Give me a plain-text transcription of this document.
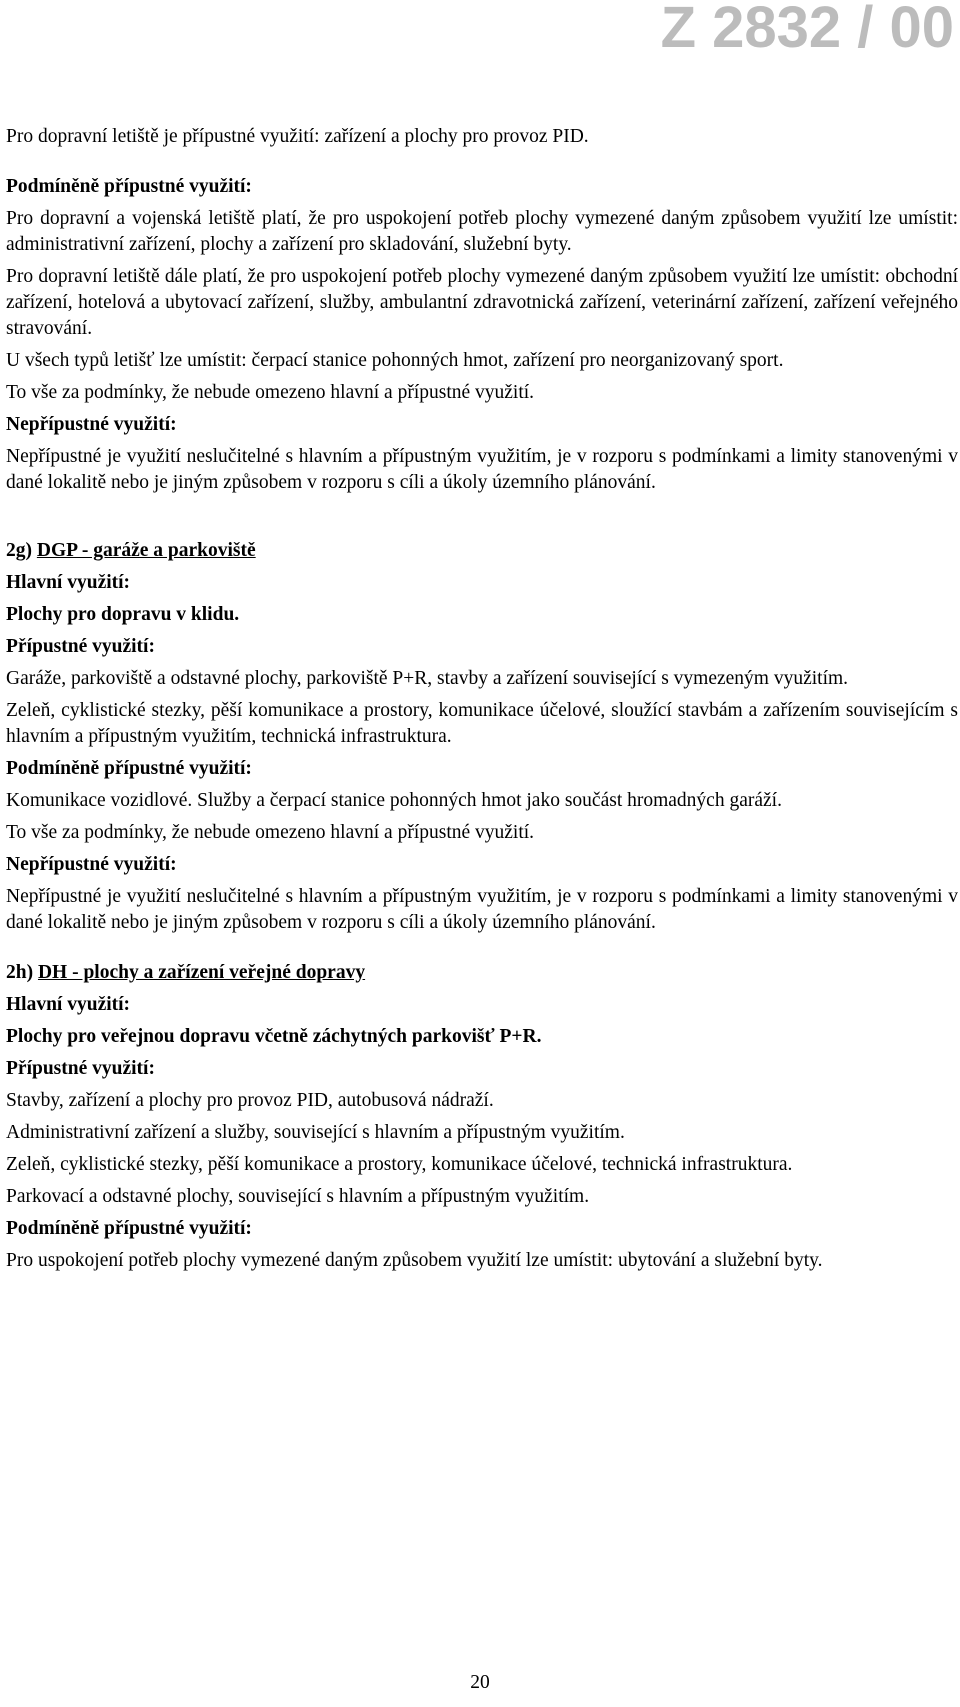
Z 2832 / 00

Pro dopravní letiště je přípustné využití: zařízení a plochy pro provoz PID.

Podmíněně přípustné využití:

Pro dopravní a vojenská letiště platí, že pro uspokojení potřeb plochy vymezené daným způsobem využití lze umístit: administrativní zařízení, plochy a zařízení pro skladování, služební byty.

Pro dopravní letiště dále platí, že pro uspokojení potřeb plochy vymezené daným způsobem využití lze umístit: obchodní zařízení, hotelová a ubytovací zařízení, služby, ambulantní zdravotnická zařízení, veterinární zařízení, zařízení veřejného stravování.

U všech typů letišť lze umístit: čerpací stanice pohonných hmot, zařízení pro neorganizovaný sport.

To vše za podmínky, že nebude omezeno hlavní a přípustné využití.

Nepřípustné využití:

Nepřípustné je využití neslučitelné s hlavním a přípustným využitím, je v rozporu s podmínkami a limity stanovenými v dané lokalitě nebo je jiným způsobem v rozporu s cíli a úkoly územního plánování.

2g) DGP - garáže a parkoviště
Hlavní využití:

Plochy pro dopravu v klidu.

Přípustné využití:

Garáže, parkoviště a odstavné plochy, parkoviště P+R, stavby a zařízení související s vymezeným využitím.

Zeleň, cyklistické stezky, pěší komunikace a prostory, komunikace účelové, sloužící stavbám a zařízením souvisejícím s hlavním a přípustným využitím, technická infrastruktura.

Podmíněně přípustné využití:

Komunikace vozidlové. Služby a čerpací stanice pohonných hmot jako součást hromadných garáží.

To vše za podmínky, že nebude omezeno hlavní a přípustné využití.

Nepřípustné využití:

Nepřípustné je využití neslučitelné s hlavním a přípustným využitím, je v rozporu s podmínkami a limity stanovenými v dané lokalitě nebo je jiným způsobem v rozporu s cíli a úkoly územního plánování.

2h) DH - plochy a zařízení veřejné dopravy
Hlavní využití:

Plochy pro veřejnou dopravu včetně záchytných parkovišť P+R.

Přípustné využití:

Stavby, zařízení a plochy pro provoz PID, autobusová nádraží.

Administrativní zařízení a služby, související s hlavním a přípustným využitím.

Zeleň, cyklistické stezky, pěší komunikace a prostory, komunikace účelové, technická infrastruktura.

Parkovací a odstavné plochy, související s hlavním a přípustným využitím.

Podmíněně přípustné využití:

Pro uspokojení potřeb plochy vymezené daným způsobem využití lze umístit: ubytování a služební byty.

20
